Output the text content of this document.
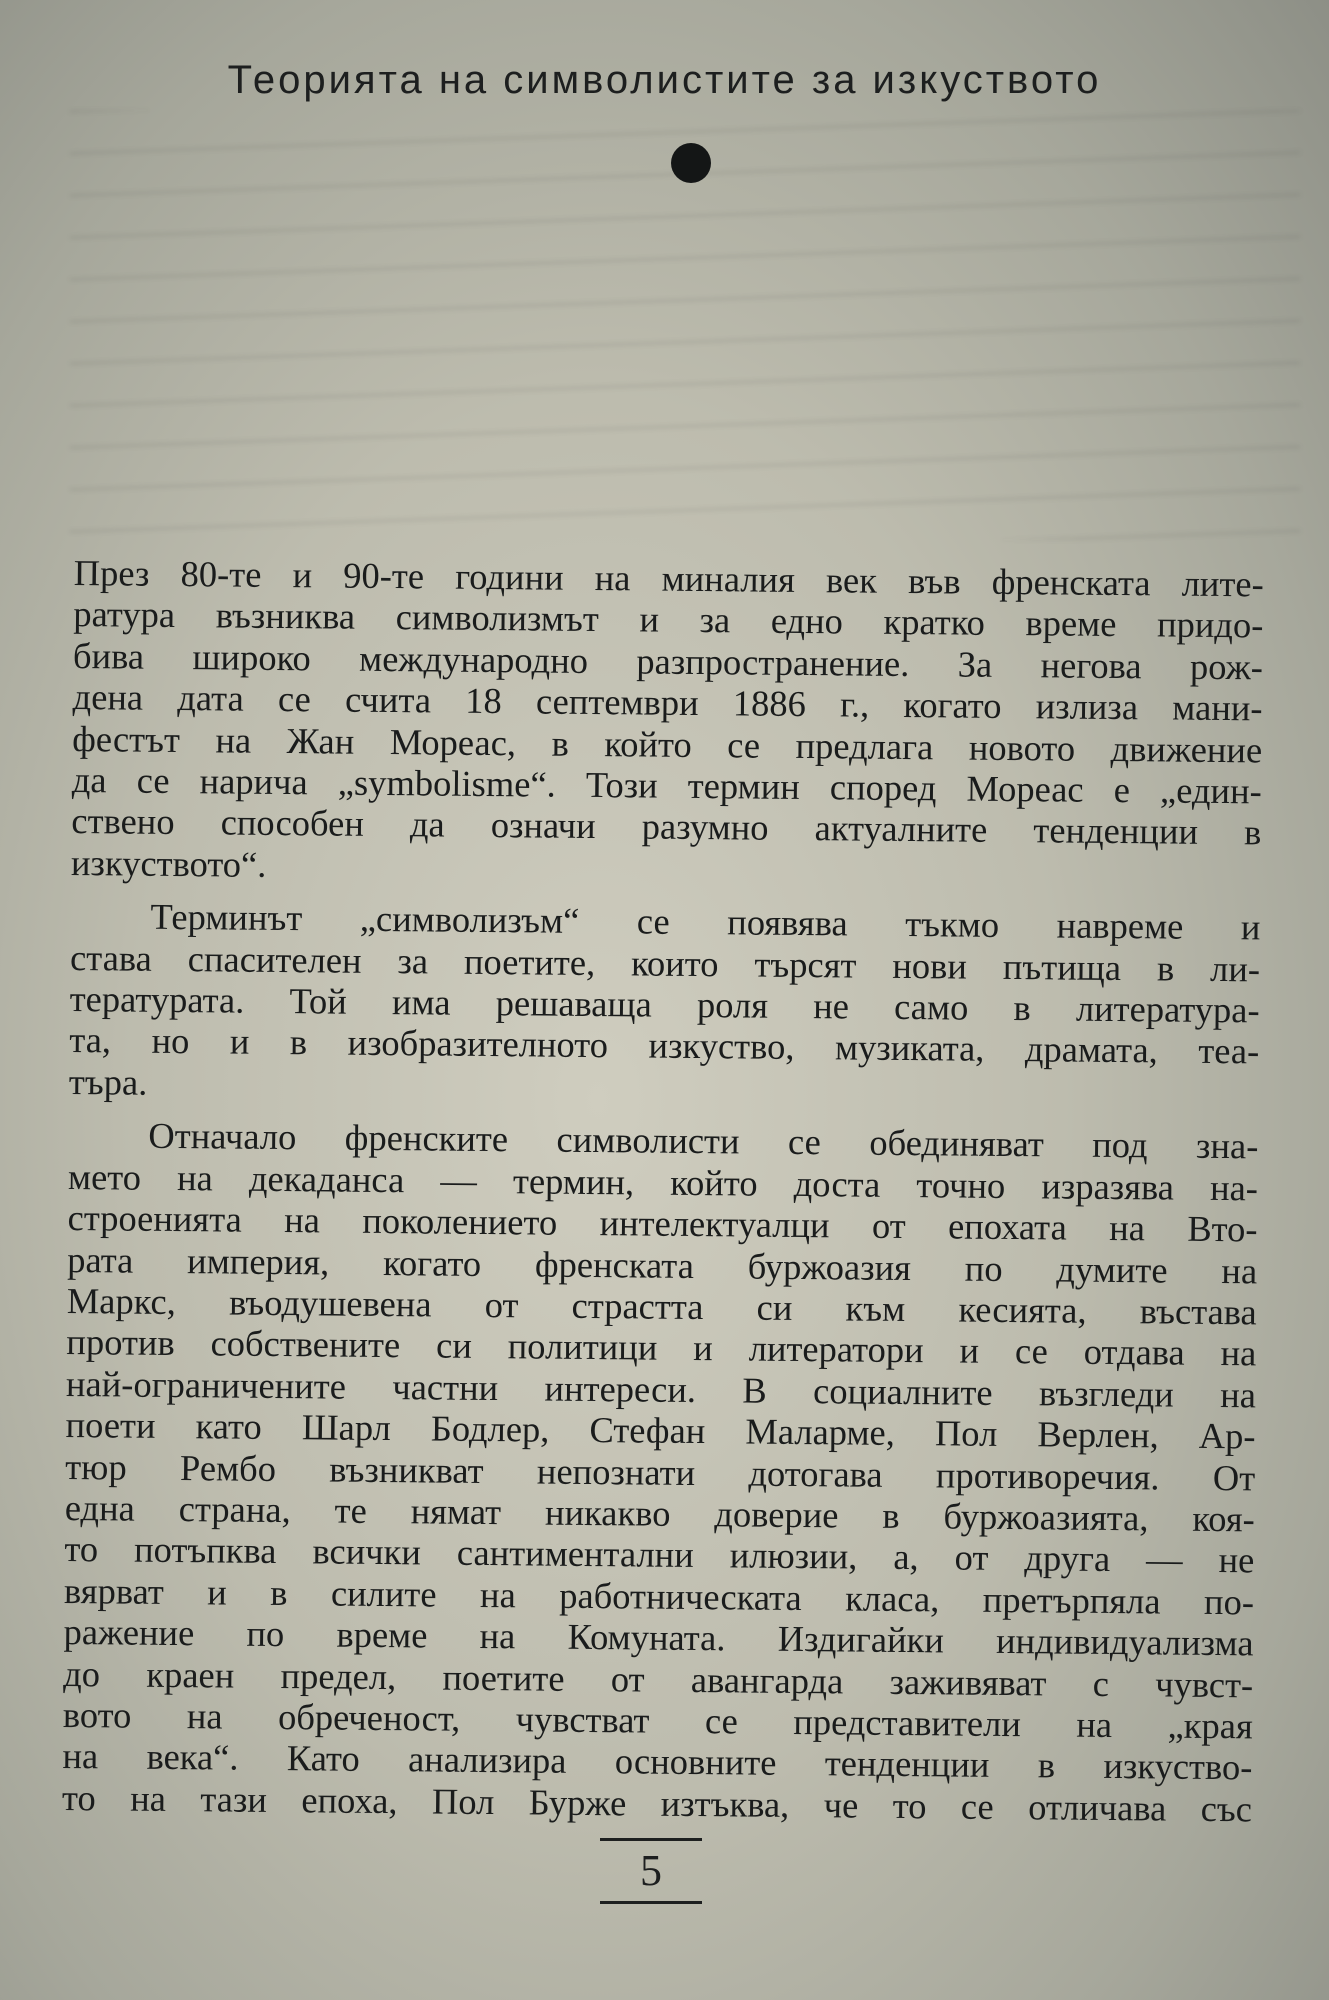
Теорията на символистите за изкуството
През 80-те и 90-те години на миналия век във френската лите-
ратура възниква символизмът и за едно кратко време придо-
бива широко международно разпространение. За негова рож-
дена дата се счита 18 септември 1886 г., когато излиза мани-
фестът на Жан Мореас, в който се предлага новото движение
да се нарича „symbolisme“. Този термин според Мореас е „един-
ствено способен да означи разумно актуалните тенденции в
изкуството“.
Терминът „символизъм“ се появява тъкмо навреме и
става спасителен за поетите, които търсят нови пътища в ли-
тературата. Той има решаваща роля не само в литература-
та, но и в изобразителното изкуство, музиката, драмата, теа-
търа.
Отначало френските символисти се обединяват под зна-
мето на декаданса — термин, който доста точно изразява на-
строенията на поколението интелектуалци от епохата на Вто-
рата империя, когато френската буржоазия по думите на
Маркс, въодушевена от страстта си към кесията, въстава
против собствените си политици и литератори и се отдава на
най-ограничените частни интереси. В социалните възгледи на
поети като Шарл Бодлер, Стефан Маларме, Пол Верлен, Ар-
тюр Рембо възникват непознати дотогава противоречия. От
една страна, те нямат никакво доверие в буржоазията, коя-
то потъпква всички сантиментални илюзии, а, от друга — не
вярват и в силите на работническата класа, претърпяла по-
ражение по време на Комуната. Издигайки индивидуализма
до краен предел, поетите от авангарда заживяват с чувст-
вото на обреченост, чувстват се представители на „края
на века“. Като анализира основните тенденции в изкуство-
то на тази епоха, Пол Бурже изтъква, че то се отличава със
5
